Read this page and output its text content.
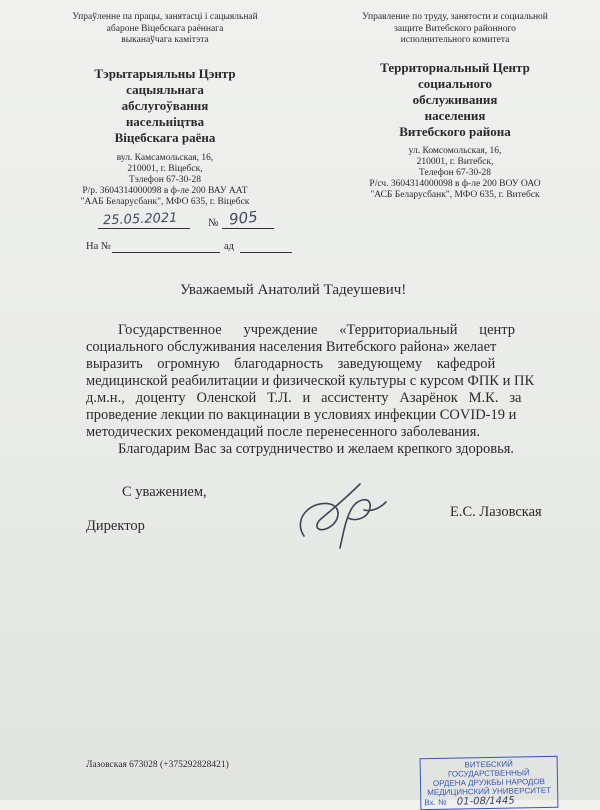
Упраўленне па працы, занятасці і сацыяльнай
абароне Віцебскага раённага
выканаўчага камітэта
Тэрытарыяльны Цэнтр
сацыяльнага
абслугоўвання
насельніцтва
Віцебскага раёна
вул. Камсамольская, 16,
210001, г. Віцебск,
Тэлефон 67-30-28
Р/р. 3604314000098 в ф-ле 200 ВАУ ААТ
"ААБ Беларусбанк", МФО 635, г. Віцебск
Управление по труду, занятости и социальной
защите Витебского районного
исполнительного комитета
Территориальный Центр
социального
обслуживания
населения
Витебского района
ул. Комсомольская, 16,
210001, г. Витебск,
Телефон 67-30-28
Р/сч. 3604314000098 в ф-ле 200 ВОУ ОАО
"АСБ Беларусбанк", МФО 635, г. Витебск
25.05.2021	№ 905
На №	ад
Уважаемый Анатолий Тадеушевич!
Государственное      учреждение      «Территориальный      центр
социального обслуживания населения Витебского района» желает
выразить    огромную    благодарность    заведующему    кафедрой
медицинской реабилитации и физической культуры с курсом ФПК и ПК
д.м.н.,   доценту   Оленской   Т.Л.   и   ассистенту   Азарёнок   М.К.   за
проведение лекции по вакцинации в условиях инфекции COVID-19 и
методических рекомендаций после перенесенного заболевания.
Благодарим Вас за сотрудничество и желаем крепкого здоровья.
С уважением,
Директор
Е.С. Лазовская
Лазовская 673028 (+375292828421)	ВИТЕБСКИЙ ГОСУДАРСТВЕННЫЙ
ОРДЕНА ДРУЖБЫ НАРОДОВ
МЕДИЦИНСКИЙ УНИВЕРСИТЕТ
Вх. № 01-08/1445
